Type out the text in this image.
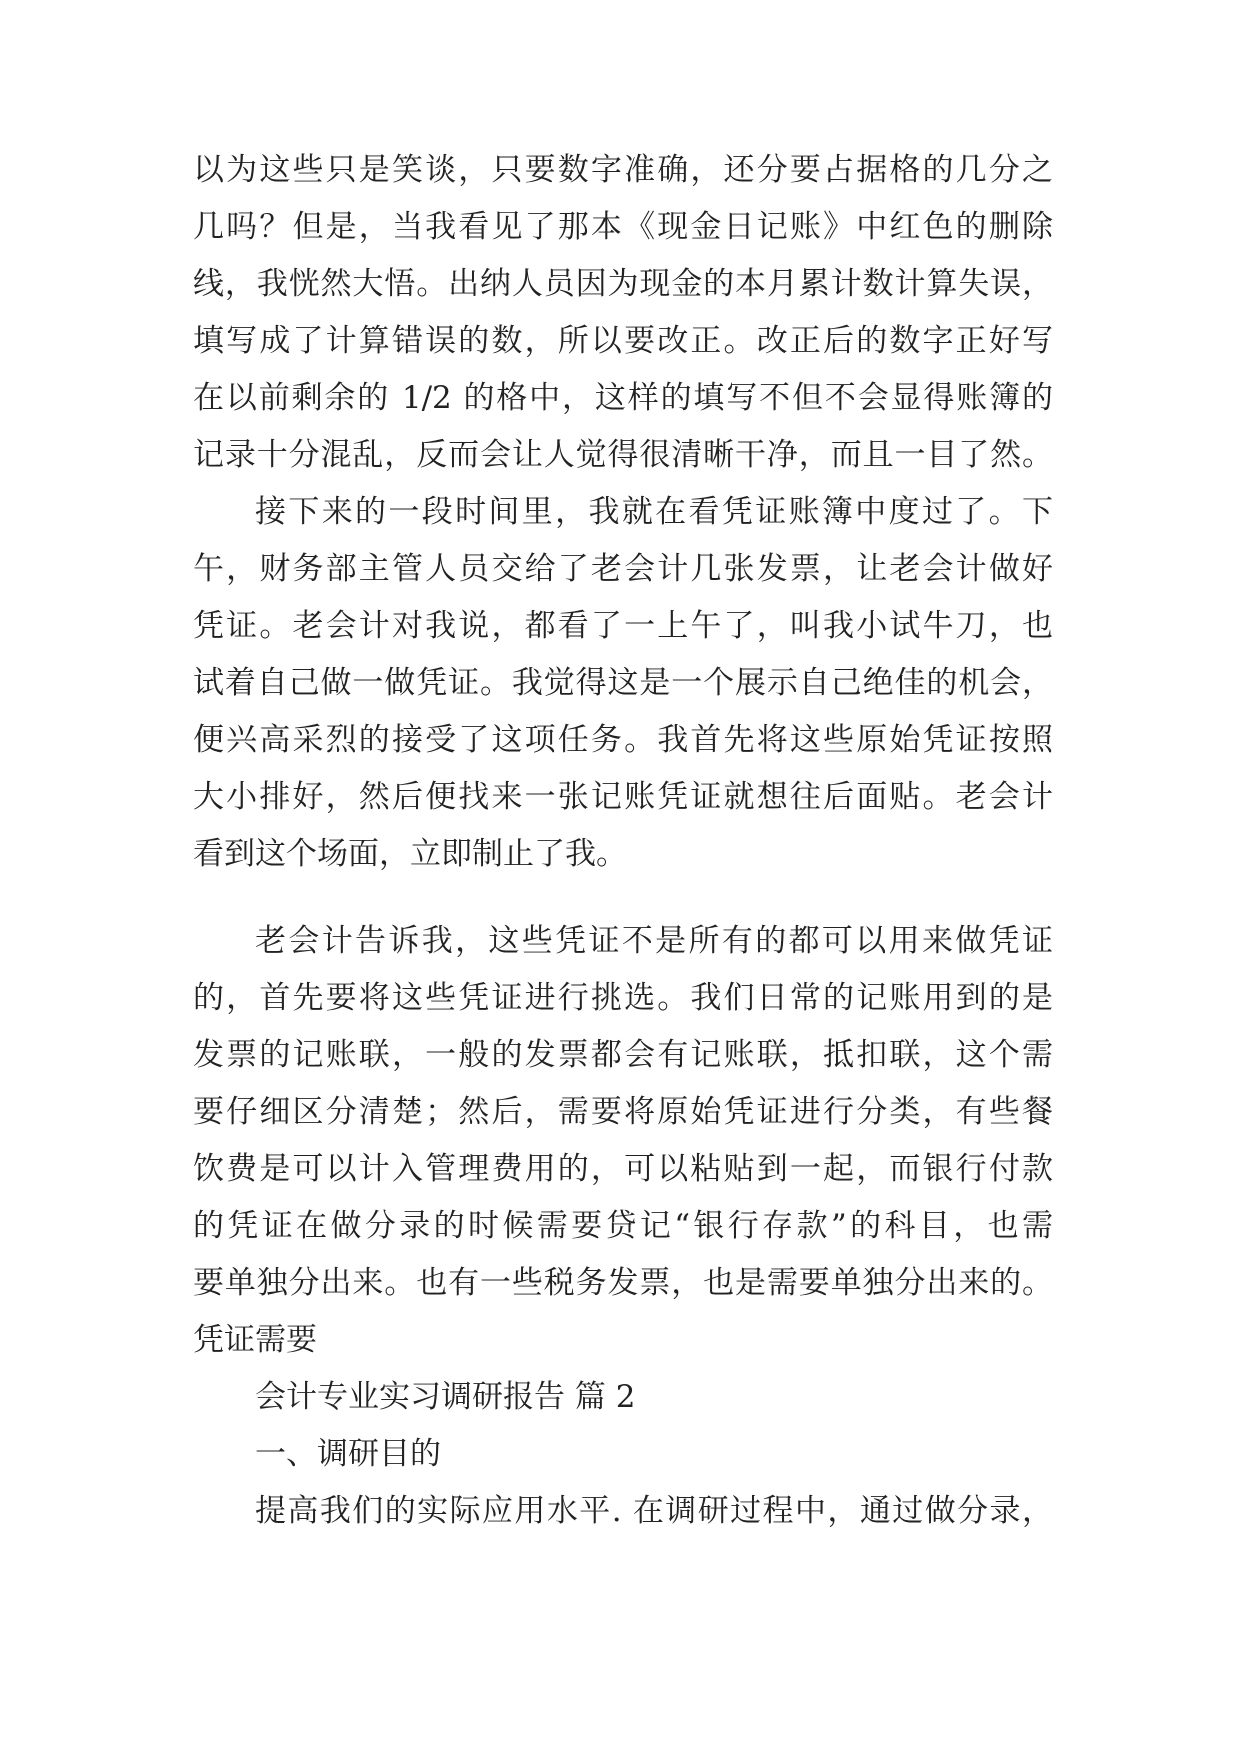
以为这些只是笑谈，只要数字准确，还分要占据格的几分之
几吗？但是，当我看见了那本《现金日记账》中红色的删除
线，我恍然大悟。出纳人员因为现金的本月累计数计算失误，
填写成了计算错误的数，所以要改正。改正后的数字正好写
在以前剩余的 1/2 的格中，这样的填写不但不会显得账簿的
记录十分混乱，反而会让人觉得很清晰干净，而且一目了然。
接下来的一段时间里，我就在看凭证账簿中度过了。下
午，财务部主管人员交给了老会计几张发票，让老会计做好
凭证。老会计对我说，都看了一上午了，叫我小试牛刀，也
试着自己做一做凭证。我觉得这是一个展示自己绝佳的机会，
便兴高采烈的接受了这项任务。我首先将这些原始凭证按照
大小排好，然后便找来一张记账凭证就想往后面贴。老会计
看到这个场面，立即制止了我。
老会计告诉我，这些凭证不是所有的都可以用来做凭证
的，首先要将这些凭证进行挑选。我们日常的记账用到的是
发票的记账联，一般的发票都会有记账联，抵扣联，这个需
要仔细区分清楚；然后，需要将原始凭证进行分类，有些餐
饮费是可以计入管理费用的，可以粘贴到一起，而银行付款
的凭证在做分录的时候需要贷记“银行存款”的科目，也需
要单独分出来。也有一些税务发票，也是需要单独分出来的。
凭证需要
会计专业实习调研报告 篇 2
一、调研目的
提高我们的实际应用水平. 在调研过程中，通过做分录，
